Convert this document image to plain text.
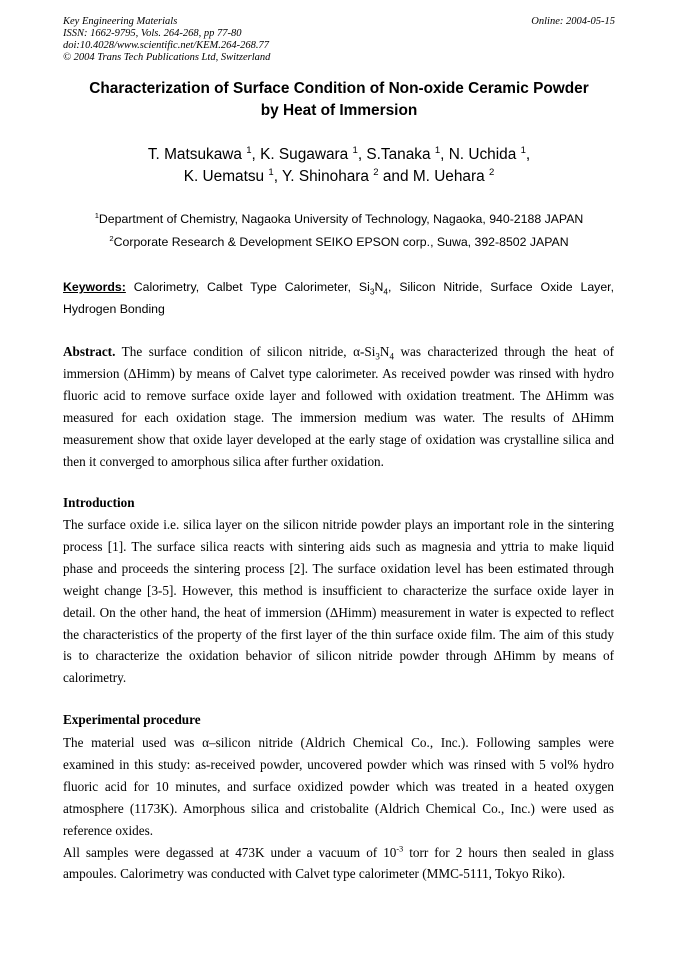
Key Engineering Materials
ISSN: 1662-9795, Vols. 264-268, pp 77-80
doi:10.4028/www.scientific.net/KEM.264-268.77
© 2004 Trans Tech Publications Ltd, Switzerland
Online: 2004-05-15
Characterization of Surface Condition of Non-oxide Ceramic Powder
by Heat of Immersion
T. Matsukawa $^1$, K. Sugawara $^1$, S.Tanaka $^1$, N. Uchida $^1$,
K. Uematsu $^1$, Y. Shinohara $^2$ and M. Uehara $^2$
$^1$Department of Chemistry, Nagaoka University of Technology, Nagaoka, 940-2188 JAPAN
$^2$Corporate Research & Development SEIKO EPSON corp., Suwa, 392-8502 JAPAN
Keywords: Calorimetry, Calbet Type Calorimeter, $Si_3N_4$, Silicon Nitride, Surface Oxide Layer, Hydrogen Bonding

Abstract. The surface condition of silicon nitride, $\alpha-Si_3N_4$ was characterized through the heat of immersion (ΔHimm) by means of Calvet type calorimeter. As received powder was rinsed with hydro fluoric acid to remove surface oxide layer and followed with oxidation treatment. The ΔHimm was measured for each oxidation stage. The immersion medium was water. The results of ΔHimm measurement show that oxide layer developed at the early stage of oxidation was crystalline silica and then it converged to amorphous silica after further oxidation.

Introduction

The surface oxide i.e. silica layer on the silicon nitride powder plays an important role in the sintering process [1]. The surface silica reacts with sintering aids such as magnesia and yttria to make liquid phase and proceeds the sintering process [2]. The surface oxidation level has been estimated through weight change [3-5]. However, this method is insufficient to characterize the surface oxide layer in detail. On the other hand, the heat of immersion (ΔHimm) measurement in water is expected to reflect the characteristics of the property of the first layer of the thin surface oxide film. The aim of this study is to characterize the oxidation behavior of silicon nitride powder through ΔHimm by means of calorimetry.

Experimental procedure

The material used was α–silicon nitride (Aldrich Chemical Co., Inc.). Following samples were examined in this study: as-received powder, uncovered powder which was rinsed with 5 vol% hydro fluoric acid for 10 minutes, and surface oxidized powder which was treated in a heated oxygen atmosphere (1173K). Amorphous silica and cristobalite (Aldrich Chemical Co., Inc.) were used as reference oxides.

All samples were degassed at 473K under a vacuum of $10^{-3}$ torr for 2 hours then sealed in glass ampoules. Calorimetry was conducted with Calvet type calorimeter (MMC-5111, Tokyo Riko).
